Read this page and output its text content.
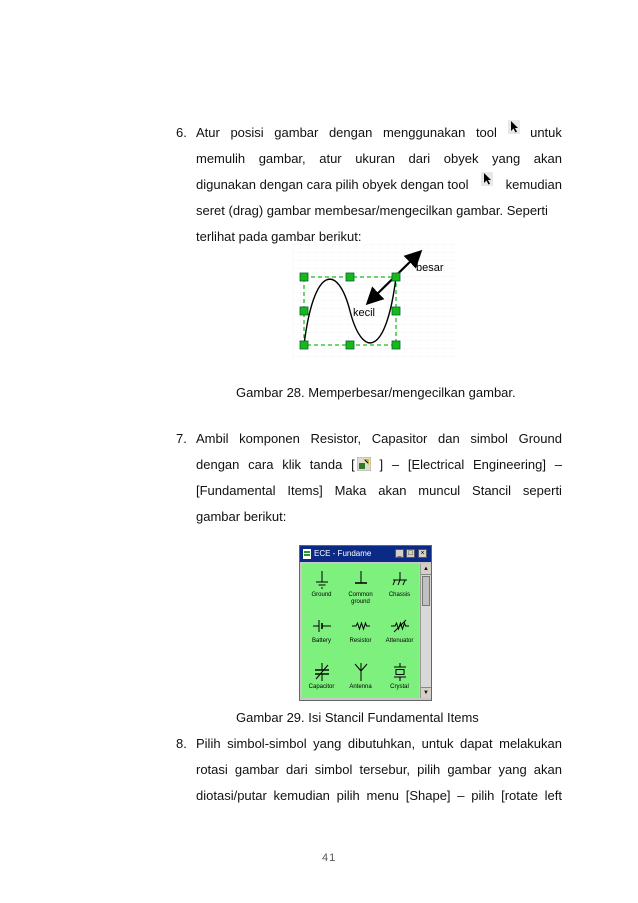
6. Atur posisi gambar dengan menggunakan tool	untuk
memulih gambar, atur ukuran dari obyek yang akan
digunakan dengan cara pilih obyek dengan tool	kemudian
seret (drag) gambar membesar/mengecilkan gambar. Seperti
terlihat pada gambar berikut:
besar
kecil
Gambar 28. Memperbesar/mengecilkan gambar.
7. Ambil komponen Resistor, Capasitor dan simbol Ground
dengan cara klik tanda [	] – [Electrical Engineering] –
[Fundamental Items] Maka akan muncul Stancil seperti
gambar berikut:
ECE - Fundame	_ □	×
Ground	Common ground
Chassis
Battery	Resistor	Attenuator
Capacitor	Antenna	Crystal
▲
▼
Gambar 29. Isi Stancil Fundamental Items
8. Pilih simbol-simbol yang dibutuhkan, untuk dapat melakukan
rotasi gambar dari simbol tersebur, pilih gambar yang akan
diotasi/putar kemudian pilih menu [Shape] – pilih [rotate left
41
